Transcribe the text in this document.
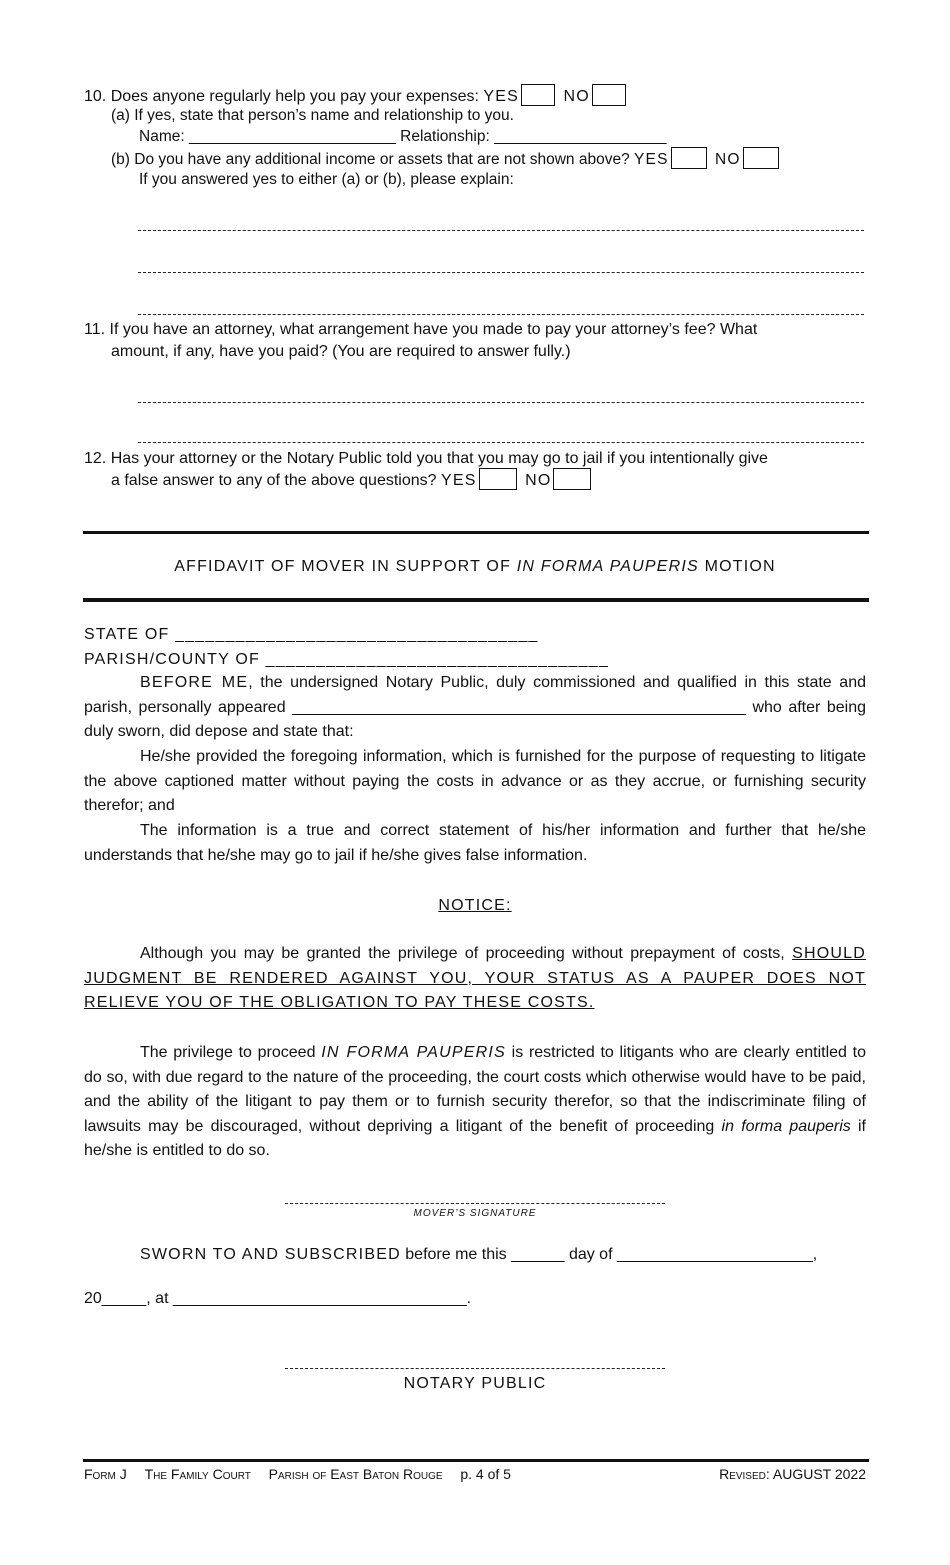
10. Does anyone regularly help you pay your expenses: YES	NO
(a) If yes, state that person’s name and relationship to you.
Name: ________________________ Relationship: ____________________
(b) Do you have any additional income or assets that are not shown above? YES	NO
If you answered yes to either (a) or (b), please explain:
11. If you have an attorney, what arrangement have you made to pay your attorney’s fee? What
amount, if any, have you paid? (You are required to answer fully.)
12. Has your attorney or the Notary Public told you that you may go to jail if you intentionally give
a false answer to any of the above questions? YES	NO
AFFIDAVIT OF MOVER IN SUPPORT OF IN FORMA PAUPERIS MOTION
STATE OF ____________________________________
PARISH/COUNTY OF __________________________________
BEFORE ME, the undersigned Notary Public, duly commissioned and qualified in this state and parish, personally appeared ___________________________________________________ who after being duly sworn, did depose and state that:
He/she provided the foregoing information, which is furnished for the purpose of requesting to litigate the above captioned matter without paying the costs in advance or as they accrue, or furnishing security therefor; and
The information is a true and correct statement of his/her information and further that he/she understands that he/she may go to jail if he/she gives false information.
NOTICE:
Although you may be granted the privilege of proceeding without prepayment of costs, SHOULD JUDGMENT BE RENDERED AGAINST YOU, YOUR STATUS AS A PAUPER DOES NOT RELIEVE YOU OF THE OBLIGATION TO PAY THESE COSTS.
The privilege to proceed IN FORMA PAUPERIS is restricted to litigants who are clearly entitled to do so, with due regard to the nature of the proceeding, the court costs which otherwise would have to be paid, and the ability of the litigant to pay them or to furnish security therefor, so that the indiscriminate filing of lawsuits may be discouraged, without depriving a litigant of the benefit of proceeding in forma pauperis if he/she is entitled to do so.
MOVER’S SIGNATURE
SWORN TO AND SUBSCRIBED before me this ______ day of ______________________,
20_____, at _________________________________.
NOTARY PUBLIC
Form J The Family Court Parish of East Baton Rouge p. 4 of 5	Revised: AUGUST 2022
